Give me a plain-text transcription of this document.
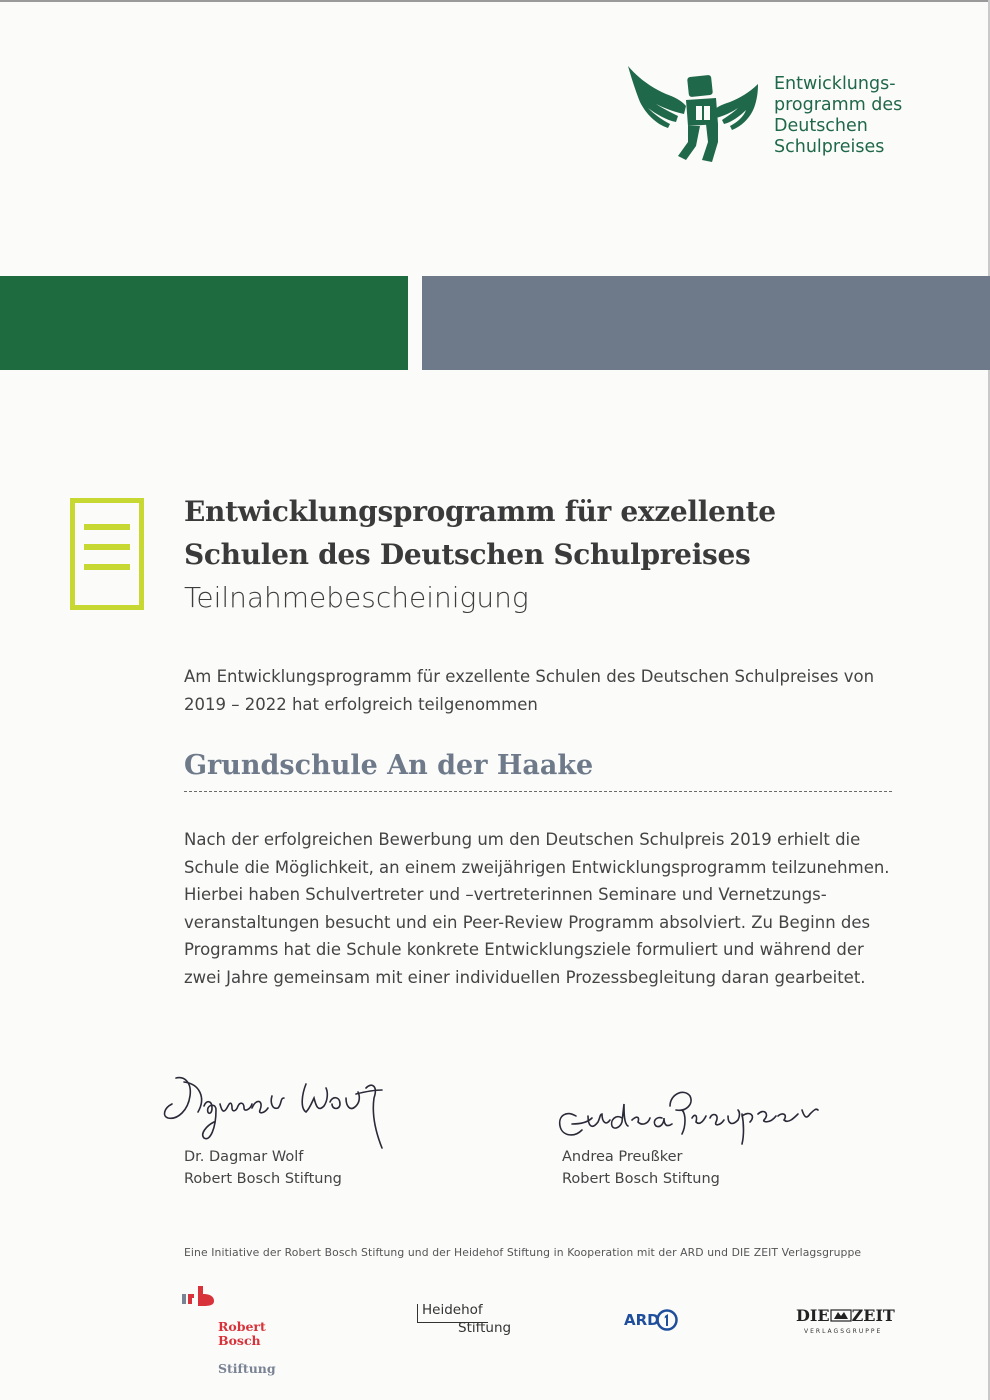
Entwicklungs-
programm des
Deutschen
Schulpreises
Entwicklungsprogramm für exzellente
Schulen des Deutschen Schulpreises
Teilnahmebescheinigung
Am Entwicklungsprogramm für exzellente Schulen des Deutschen Schulpreises von 2019 – 2022 hat erfolgreich teilgenommen
Grundschule An der Haake
Nach der erfolgreichen Bewerbung um den Deutschen Schulpreis 2019 erhielt die
Schule die Möglichkeit, an einem zweijährigen Entwicklungsprogramm teilzunehmen.
Hierbei haben Schulvertreter und –vertreterinnen Seminare und Vernetzungs-
veranstaltungen besucht und ein Peer-Review Programm absolviert. Zu Beginn des
Programms hat die Schule konkrete Entwicklungsziele formuliert und während der
zwei Jahre gemeinsam mit einer individuellen Prozessbegleitung daran gearbeitet.
Dr. Dagmar Wolf
Robert Bosch Stiftung
Andrea Preußker
Robert Bosch Stiftung
Eine Initiative der Robert Bosch Stiftung und der Heidehof Stiftung in Kooperation mit der ARD und DIE ZEIT Verlagsgruppe

Robert Bosch

Stiftung

Heidehof
Stiftung	ARD	DIE ZEIT
VERLAGSGRUPPE
